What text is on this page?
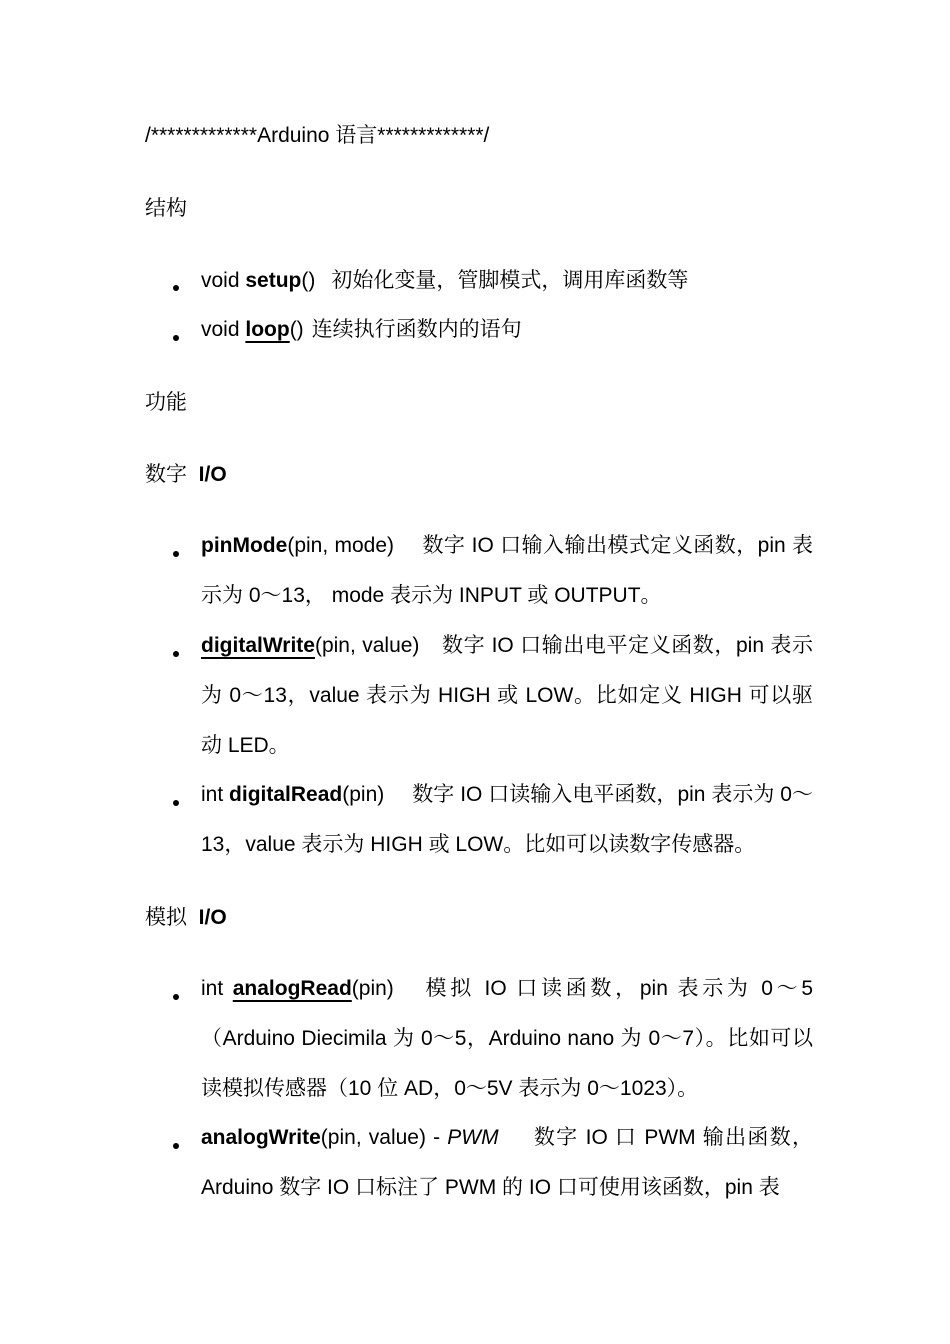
/*************Arduino 语言*************/
结构
void setup() 初始化变量，管脚模式，调用库函数等
void loop() 连续执行函数内的语句
功能
数字 I/O
pinMode(pin, mode) 数字 IO 口输入输出模式定义函数，pin 表示为 0～13， mode 表示为 INPUT 或 OUTPUT。
digitalWrite(pin, value) 数字 IO 口输出电平定义函数，pin 表示为 0～13，value 表示为 HIGH 或 LOW。比如定义 HIGH 可以驱动 LED。
int digitalRead(pin) 数字 IO 口读输入电平函数，pin 表示为 0～13，value 表示为 HIGH 或 LOW。比如可以读数字传感器。
模拟 I/O
int analogRead(pin) 模拟 IO 口读函数，pin 表示为 0～5（Arduino Diecimila 为 0～5，Arduino nano 为 0～7）。比如可以读模拟传感器（10 位 AD，0～5V 表示为 0～1023）。
analogWrite(pin, value) - PWM 数字 IO 口 PWM 输出函数，Arduino 数字 IO 口标注了 PWM 的 IO 口可使用该函数，pin 表
